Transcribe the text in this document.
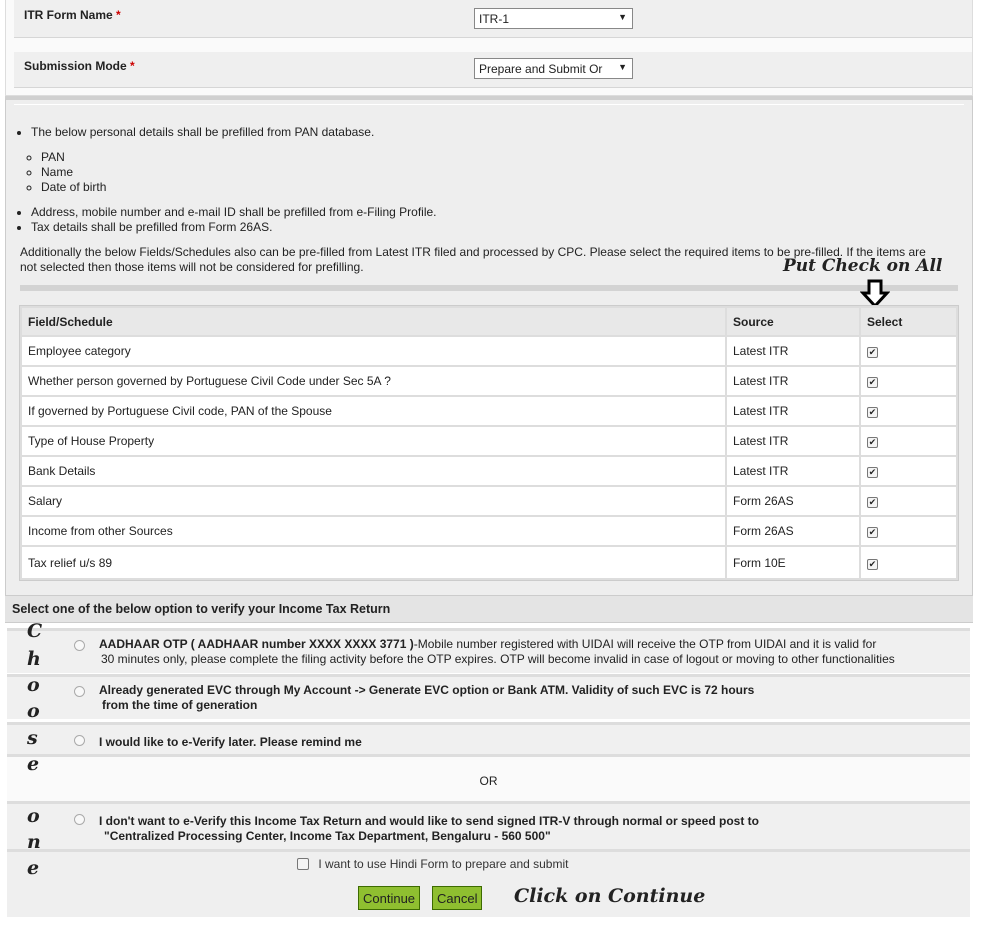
ITR Form Name *	ITR-1	▼
Submission Mode *	Prepare and Submit Or ▼
• The below personal details shall be prefilled from PAN database.
◦ PAN
◦ Name
◦ Date of birth
• Address, mobile number and e-mail ID shall be prefilled from e-Filing Profile.
• Tax details shall be prefilled from Form 26AS.
Additionally the below Fields/Schedules also can be pre-filled from Latest ITR filed and processed by CPC. Please select the required items to be pre-filled. If the items are not selected then those items will not be considered for prefilling.	Put Check on All
Field/Schedule	Source	Select
Employee category	Latest ITR	✔
Whether person governed by Portuguese Civil Code under Sec 5A ?	Latest ITR	✔
If governed by Portuguese Civil code, PAN of the Spouse	Latest ITR	✔
Type of House Property	Latest ITR	✔
Bank Details	Latest ITR	✔
Salary	Form 26AS	✔
Income from other Sources	Form 26AS	✔
Tax relief u/s 89	Form 10E	✔
Select one of the below option to verify your Income Tax Return
AADHAAR OTP ( AADHAAR number XXXX XXXX 3771 )-Mobile number registered with UIDAI will receive the OTP from UIDAI and it is valid for
30 minutes only, please complete the filing activity before the OTP expires. OTP will become invalid in case of logout or moving to other functionalities
Already generated EVC through My Account -> Generate EVC option or Bank ATM. Validity of such EVC is 72 hours
from the time of generation
I would like to e-Verify later. Please remind me
OR
I don't want to e-Verify this Income Tax Return and would like to send signed ITR-V through normal or speed post to
"Centralized Processing Center, Income Tax Department, Bengaluru - 560 500"
I want to use Hindi Form to prepare and submit
Continue	Cancel Click on Continue
C
h
o
o
s
e
o
n
e
